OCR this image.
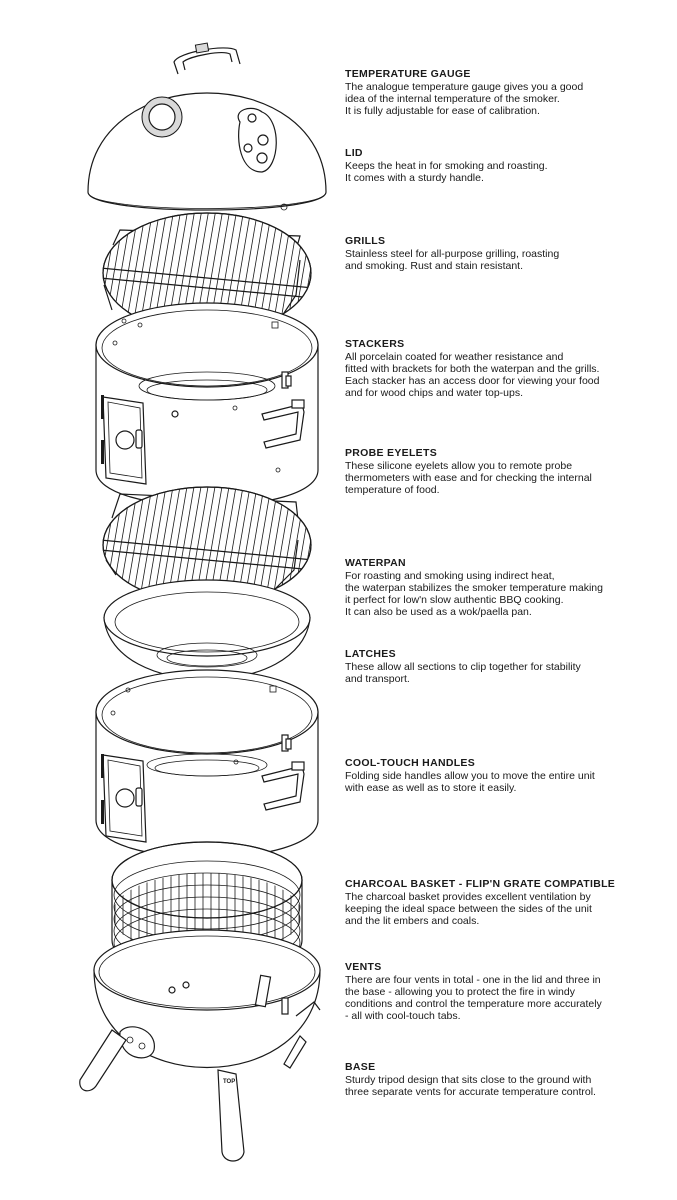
TOP
TEMPERATURE GAUGE

The analogue temperature gauge gives you a good
idea of the internal temperature of the smoker.
It is fully adjustable for ease of calibration.

LID

Keeps the heat in for smoking and roasting.
It comes with a sturdy handle.

GRILLS

Stainless steel for all-purpose grilling, roasting
and smoking. Rust and stain resistant.

STACKERS

All porcelain coated for weather resistance and
fitted with brackets for both the waterpan and the grills.
Each stacker has an access door for viewing your food
and for wood chips and water top-ups.

PROBE EYELETS

These silicone eyelets allow you to remote probe
thermometers with ease and for checking the internal
temperature of food.

WATERPAN

For roasting and smoking using indirect heat,
the waterpan stabilizes the smoker temperature making
it perfect for low'n slow authentic BBQ cooking.
It can also be used as a wok/paella pan.

LATCHES

These allow all sections to clip together for stability
and transport.

COOL-TOUCH HANDLES

Folding side handles allow you to move the entire unit
with ease as well as to store it easily.

CHARCOAL BASKET - FLIP'N GRATE COMPATIBLE

The charcoal basket provides excellent ventilation by
keeping the ideal space between the sides of the unit
and the lit embers and coals.

VENTS

There are four vents in total - one in the lid and three in
the base - allowing you to protect the fire in windy
conditions and control the temperature more accurately
- all with cool-touch tabs.

BASE

Sturdy tripod design that sits close to the ground with
three separate vents for accurate temperature control.
